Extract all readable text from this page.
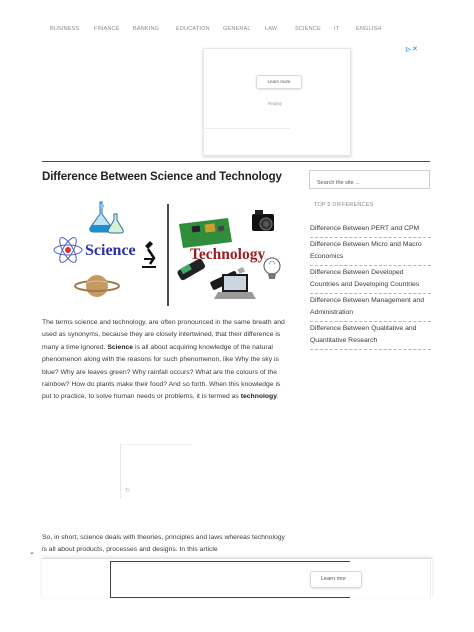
BUSINESS	FINANCE BANKING	EDUCATION GENERAL	LAW	SCIENCE IT	ENGLISH
Learn more
Replay
▷ ✕
Difference Between Science and Technology
Search the site ...
TOP 5 DIFFERENCES
Difference Between PERT and CPM
Difference Between Micro and Macro Economics
Difference Between Developed Countries and Developing Countries
Difference Between Management and Administration
Difference Between Qualitative and Quantitative Research
Science	Technology

The terms science and technology, are often pronounced in the same breath and used as synonyms, because they are closely intertwined, that their difference is many a time ignored. Science is all about acquiring knowledge of the natural phenomenon along with the reasons for such phenomenon, like Why the sky is blue? Why are leaves green? Why rainfall occurs? What are the colours of the rainbow? How do plants make their food? And so forth. When this knowledge is put to practice, to solve human needs or problems, it is termed as technology.

↻

So, in short, science deals with theories, principles and laws whereas technology is all about products, processes and designs. In this article

⌄
Learn mor
